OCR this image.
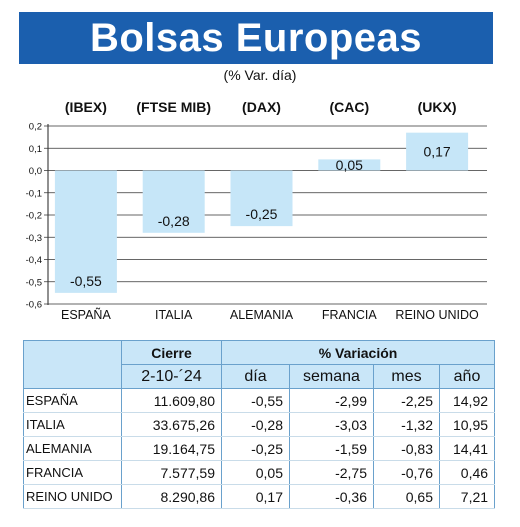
Bolsas Europeas
(% Var. día)
(IBEX) (FTSE MIB) (DAX)	(CAC)	(UKX)
0,2
0,1
0,0
-0,1
-0,2
-0,3
-0,4
-0,5
-0,6
-0,55
ESPAÑA
-0,28
ITALIA
-0,25
ALEMANIA
0,05
FRANCIA
0,17
REINO UNIDO
	Cierre	% Variación			
	2-10-´24	día	semana	mes	año
ESPAÑA	11.609,80	-0,55	-2,99	-2,25	14,92
ITALIA	33.675,26	-0,28	-3,03	-1,32	10,95
ALEMANIA	19.164,75	-0,25	-1,59	-0,83	14,41
FRANCIA	7.577,59	0,05	-2,75	-0,76	0,46
REINO UNIDO	8.290,86	0,17	-0,36	0,65	7,21
